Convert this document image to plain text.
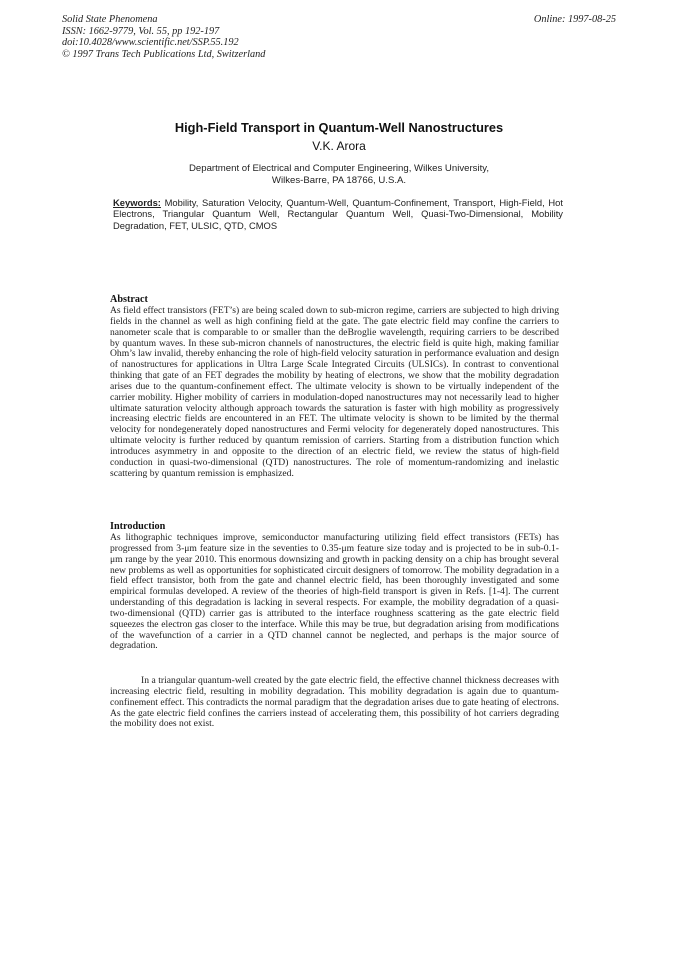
Solid State Phenomena
ISSN: 1662-9779, Vol. 55, pp 192-197
doi:10.4028/www.scientific.net/SSP.55.192
© 1997 Trans Tech Publications Ltd, Switzerland
Online: 1997-08-25
High-Field Transport in Quantum-Well Nanostructures
V.K. Arora
Department of Electrical and Computer Engineering, Wilkes University,
Wilkes-Barre, PA 18766, U.S.A.
Keywords: Mobility, Saturation Velocity, Quantum-Well, Quantum-Confinement, Transport, High-Field, Hot Electrons, Triangular Quantum Well, Rectangular Quantum Well, Quasi-Two-Dimensional, Mobility Degradation, FET, ULSIC, QTD, CMOS
Abstract

As field effect transistors (FET’s) are being scaled down to sub-micron regime, carriers are subjected to high driving fields in the channel as well as high confining field at the gate. The gate electric field may confine the carriers to nanometer scale that is comparable to or smaller than the deBroglie wavelength, requiring carriers to be described by quantum waves. In these sub-micron channels of nanostructures, the electric field is quite high, making familiar Ohm’s law invalid, thereby enhancing the role of high-field velocity saturation in performance evaluation and design of nanostructures for applications in Ultra Large Scale Integrated Circuits (ULSICs). In contrast to conventional thinking that gate of an FET degrades the mobility by heating of electrons, we show that the mobility degradation arises due to the quantum-confinement effect. The ultimate velocity is shown to be virtually independent of the carrier mobility. Higher mobility of carriers in modulation-doped nanostructures may not necessarily lead to higher ultimate saturation velocity although approach towards the saturation is faster with high mobility as progressively increasing electric fields are encountered in an FET. The ultimate velocity is shown to be limited by the thermal velocity for nondegenerately doped nanostructures and Fermi velocity for degenerately doped nanostructures. This ultimate velocity is further reduced by quantum remission of carriers. Starting from a distribution function which introduces asymmetry in and opposite to the direction of an electric field, we review the status of high-field conduction in quasi-two-dimensional (QTD) nanostructures. The role of momentum-randomizing and inelastic scattering by quantum remission is emphasized.

Introduction

As lithographic techniques improve, semiconductor manufacturing utilizing field effect transistors (FETs) has progressed from 3-μm feature size in the seventies to 0.35-μm feature size today and is projected to be in sub-0.1-μm range by the year 2010. This enormous downsizing and growth in packing density on a chip has brought several new problems as well as opportunities for sophisticated circuit designers of tomorrow. The mobility degradation in a field effect transistor, both from the gate and channel electric field, has been thoroughly investigated and some empirical formulas developed. A review of the theories of high-field transport is given in Refs. [1-4]. The current understanding of this degradation is lacking in several respects. For example, the mobility degradation of a quasi-two-dimensional (QTD) carrier gas is attributed to the interface roughness scattering as the gate electric field squeezes the electron gas closer to the interface. While this may be true, but degradation arising from modifications of the wavefunction of a carrier in a QTD channel cannot be neglected, and perhaps is the major source of degradation.

In a triangular quantum-well created by the gate electric field, the effective channel thickness decreases with increasing electric field, resulting in mobility degradation. This mobility degradation is again due to quantum-confinement effect. This contradicts the normal paradigm that the degradation arises due to gate heating of electrons. As the gate electric field confines the carriers instead of accelerating them, this possibility of hot carriers degrading the mobility does not exist.
